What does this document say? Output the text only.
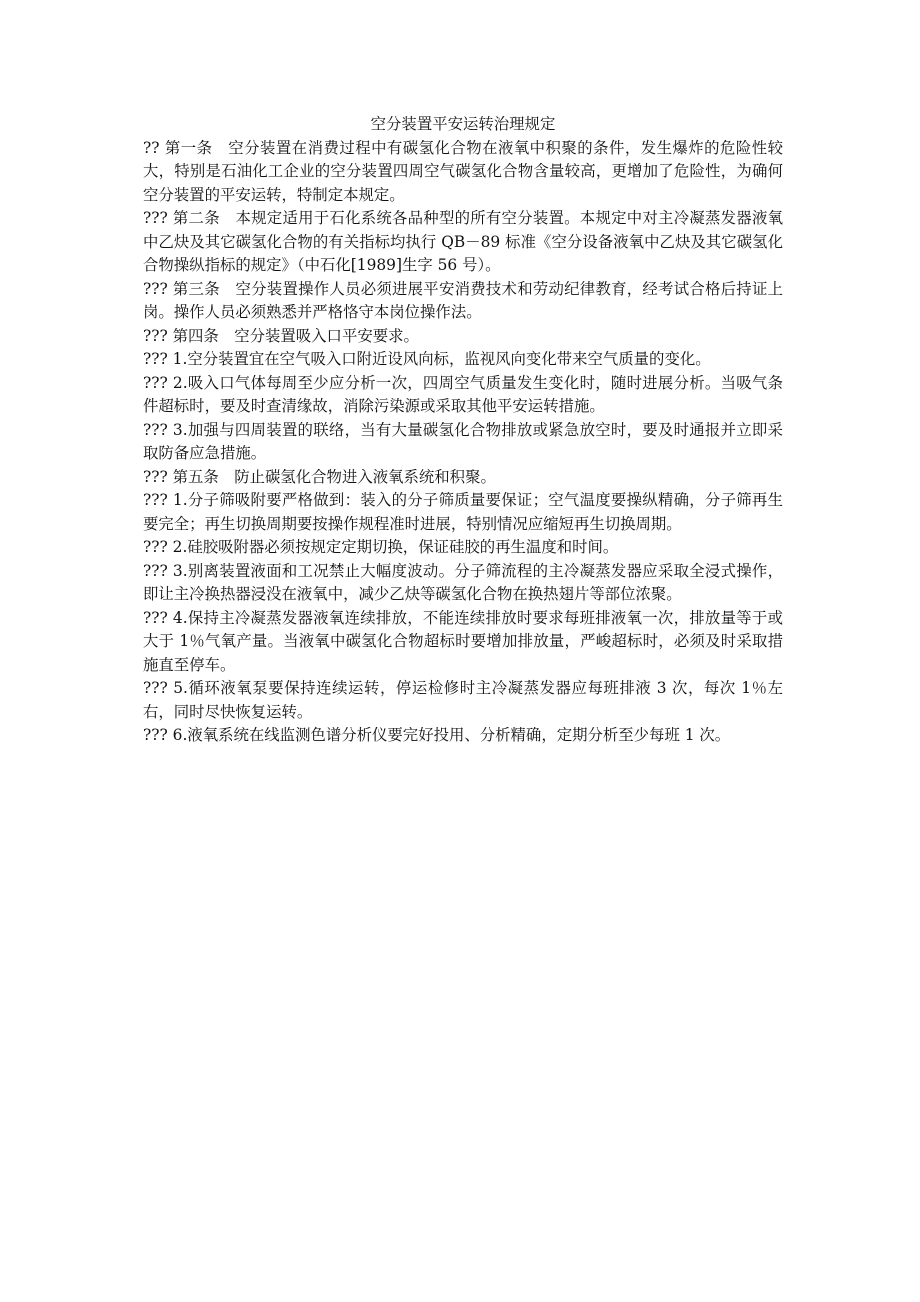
空分装置平安运转治理规定

?? 第一条　空分装置在消费过程中有碳氢化合物在液氧中积聚的条件，发生爆炸的危险性较大，特别是石油化工企业的空分装置四周空气碳氢化合物含量较高，更增加了危险性，为确何空分装置的平安运转，特制定本规定。

??? 第二条　本规定适用于石化系统各品种型的所有空分装置。本规定中对主冷凝蒸发器液氧中乙炔及其它碳氢化合物的有关指标均执行 QB－89 标准《空分设备液氧中乙炔及其它碳氢化合物操纵指标的规定》（中石化[1989]生字 56 号）。

??? 第三条　空分装置操作人员必须进展平安消费技术和劳动纪律教育，经考试合格后持证上岗。操作人员必须熟悉并严格恪守本岗位操作法。

??? 第四条　空分装置吸入口平安要求。

??? 1.空分装置宜在空气吸入口附近设风向标，监视风向变化带来空气质量的变化。

??? 2.吸入口气体每周至少应分析一次，四周空气质量发生变化时，随时进展分析。当吸气条件超标时，要及时查清缘故，消除污染源或采取其他平安运转措施。

??? 3.加强与四周装置的联络，当有大量碳氢化合物排放或紧急放空时，要及时通报并立即采取防备应急措施。

??? 第五条　防止碳氢化合物进入液氧系统和积聚。

??? 1.分子筛吸附要严格做到：装入的分子筛质量要保证；空气温度要操纵精确，分子筛再生要完全；再生切换周期要按操作规程准时进展，特别情况应缩短再生切换周期。

??? 2.硅胶吸附器必须按规定定期切换，保证硅胶的再生温度和时间。

??? 3.别离装置液面和工况禁止大幅度波动。分子筛流程的主冷凝蒸发器应采取全浸式操作，即让主冷换热器浸没在液氧中，减少乙炔等碳氢化合物在换热翅片等部位浓聚。

??? 4.保持主冷凝蒸发器液氧连续排放，不能连续排放时要求每班排液氧一次，排放量等于或大于 1％气氧产量。当液氧中碳氢化合物超标时要增加排放量，严峻超标时，必须及时采取措施直至停车。

??? 5.循环液氧泵要保持连续运转，停运检修时主冷凝蒸发器应每班排液 3 次，每次 1％左右，同时尽快恢复运转。

??? 6.液氧系统在线监测色谱分析仪要完好投用、分析精确，定期分析至少每班 1 次。
